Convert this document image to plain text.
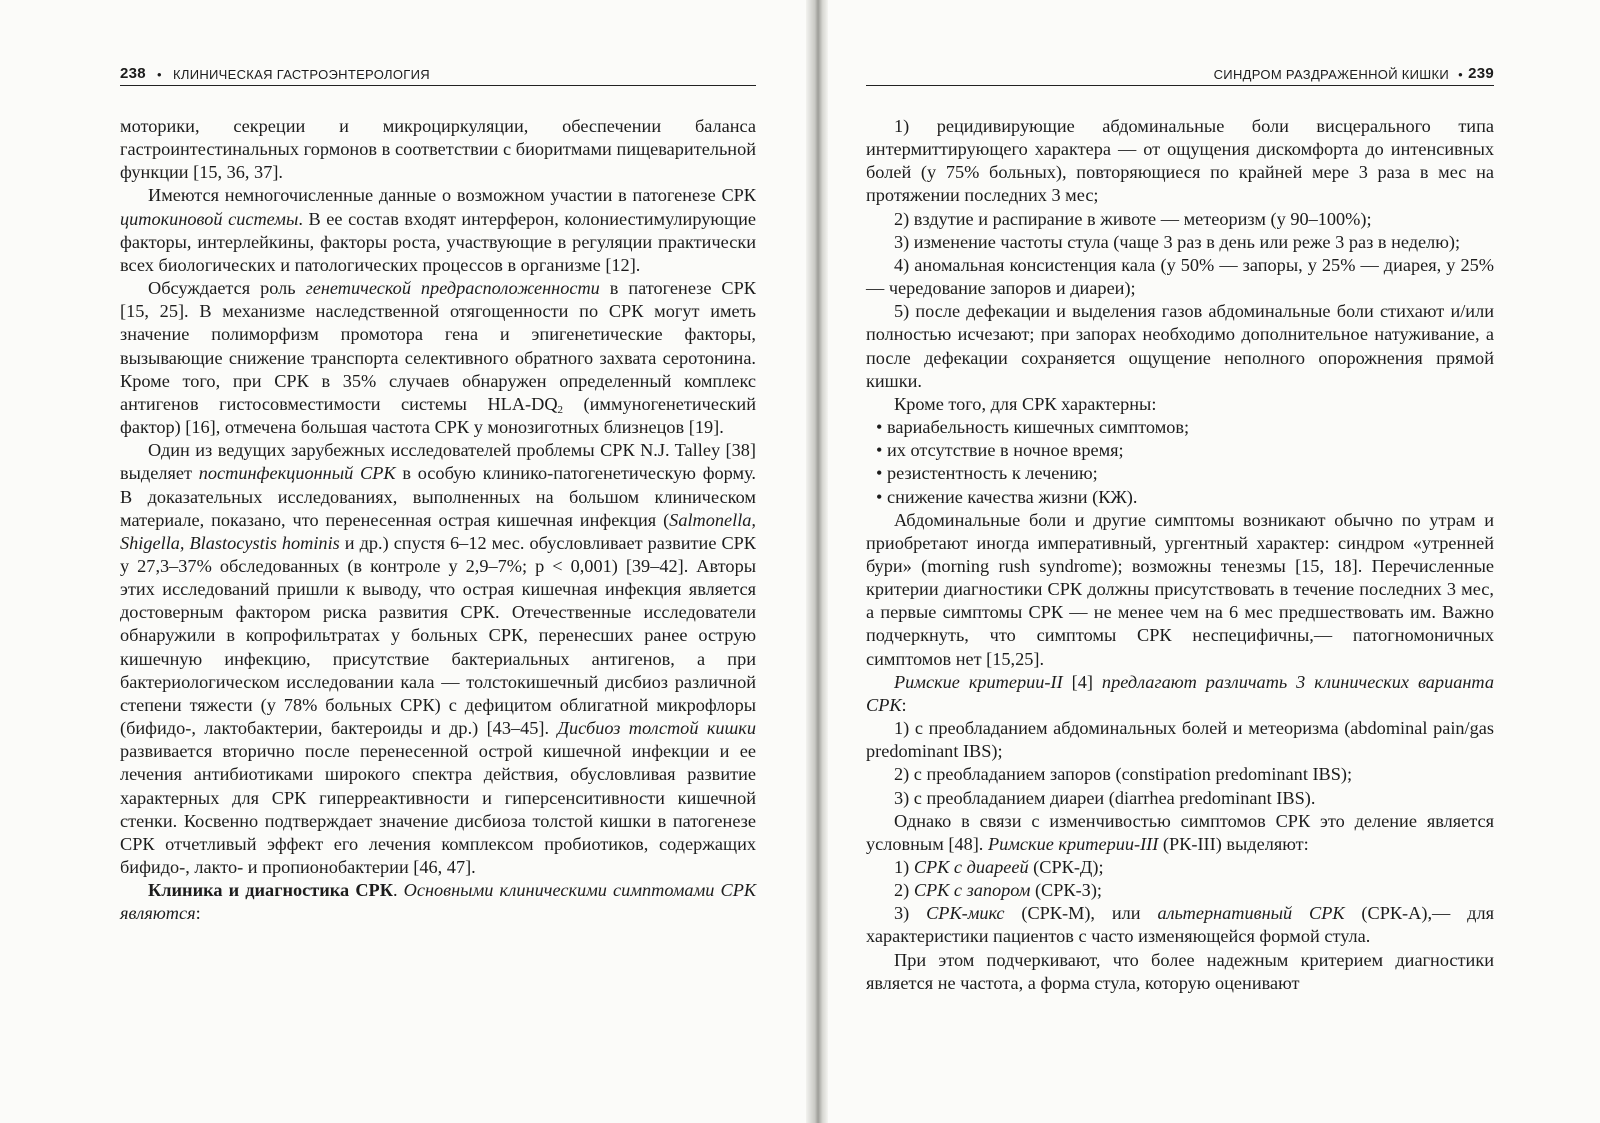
238 • КЛИНИЧЕСКАЯ ГАСТРОЭНТЕРОЛОГИЯ

моторики, секреции и микроциркуляции, обеспечении баланса гастроинтестинальных гормонов в соответствии с биоритмами пищеварительной функции [15, 36, 37].

Имеются немногочисленные данные о возможном участии в патогенезе СРК цитокиновой системы. В ее состав входят интерферон, колониестимулирующие факторы, интерлейкины, факторы роста, участвующие в регуляции практически всех биологических и патологических процессов в организме [12].

Обсуждается роль генетической предрасположенности в патогенезе СРК [15, 25]. В механизме наследственной отягощенности по СРК могут иметь значение полиморфизм промотора гена и эпигенетические факторы, вызывающие снижение транспорта селективного обратного захвата серотонина. Кроме того, при СРК в 35% случаев обнаружен определенный комплекс антигенов гистосовместимости системы HLA-$DQ_2$ (иммуногенетический фактор) [16], отмечена большая частота СРК у монозиготных близнецов [19].

Один из ведущих зарубежных исследователей проблемы СРК N.J. Talley [38] выделяет постинфекционный СРК в особую клинико-патогенетическую форму. В доказательных исследованиях, выполненных на большом клиническом материале, показано, что перенесенная острая кишечная инфекция (Salmonella, Shigella, Blastocystis hominis и др.) спустя 6–12 мес. обусловливает развитие СРК у 27,3–37% обследованных (в контроле у 2,9–7%; p < 0,001) [39–42]. Авторы этих исследований пришли к выводу, что острая кишечная инфекция является достоверным фактором риска развития СРК. Отечественные исследователи обнаружили в копрофильтратах у больных СРК, перенесших ранее острую кишечную инфекцию, присутствие бактериальных антигенов, а при бактериологическом исследовании кала — толстокишечный дисбиоз различной степени тяжести (у 78% больных СРК) с дефицитом облигатной микрофлоры (бифидо-, лактобактерии, бактероиды и др.) [43–45]. Дисбиоз толстой кишки развивается вторично после перенесенной острой кишечной инфекции и ее лечения антибиотиками широкого спектра действия, обусловливая развитие характерных для СРК гиперреактивности и гиперсенситивности кишечной стенки. Косвенно подтверждает значение дисбиоза толстой кишки в патогенезе СРК отчетливый эффект его лечения комплексом пробиотиков, содержащих бифидо-, лакто- и пропионобактерии [46, 47].

Клиника и диагностика СРК. Основными клиническими симптомами СРК являются:

СИНДРОМ РАЗДРАЖЕННОЙ КИШКИ • 239

1) рецидивирующие абдоминальные боли висцерального типа интермиттирующего характера — от ощущения дискомфорта до интенсивных болей (у 75% больных), повторяющиеся по крайней мере 3 раза в мес на протяжении последних 3 мес;

2) вздутие и распирание в животе — метеоризм (у 90–100%);

3) изменение частоты стула (чаще 3 раз в день или реже 3 раз в неделю);

4) аномальная консистенция кала (у 50% — запоры, у 25% — диарея, у 25% — чередование запоров и диареи);

5) после дефекации и выделения газов абдоминальные боли стихают и/или полностью исчезают; при запорах необходимо дополнительное натуживание, а после дефекации сохраняется ощущение неполного опорожнения прямой кишки.

Кроме того, для СРК характерны:

• вариабельность кишечных симптомов;

• их отсутствие в ночное время;

• резистентность к лечению;

• снижение качества жизни (КЖ).

Абдоминальные боли и другие симптомы возникают обычно по утрам и приобретают иногда императивный, ургентный характер: синдром «утренней бури» (morning rush syndrome); возможны тенезмы [15, 18]. Перечисленные критерии диагностики СРК должны присутствовать в течение последних 3 мес, а первые симптомы СРК — не менее чем на 6 мес предшествовать им. Важно подчеркнуть, что симптомы СРК неспецифичны,— патогномоничных симптомов нет [15,25].

Римские критерии-II [4] предлагают различать 3 клинических варианта СРК:

1) с преобладанием абдоминальных болей и метеоризма (abdominal pain/gas predominant IBS);

2) с преобладанием запоров (constipation predominant IBS);

3) с преобладанием диареи (diarrhea predominant IBS).

Однако в связи с изменчивостью симптомов СРК это деление является условным [48]. Римские критерии-III (РК-III) выделяют:

1) СРК с диареей (СРК-Д);

2) СРК с запором (СРК-З);

3) СРК-микс (СРК-М), или альтернативный СРК (СРК-А),— для характеристики пациентов с часто изменяющейся формой стула.

При этом подчеркивают, что более надежным критерием диагностики является не частота, а форма стула, которую оценивают
